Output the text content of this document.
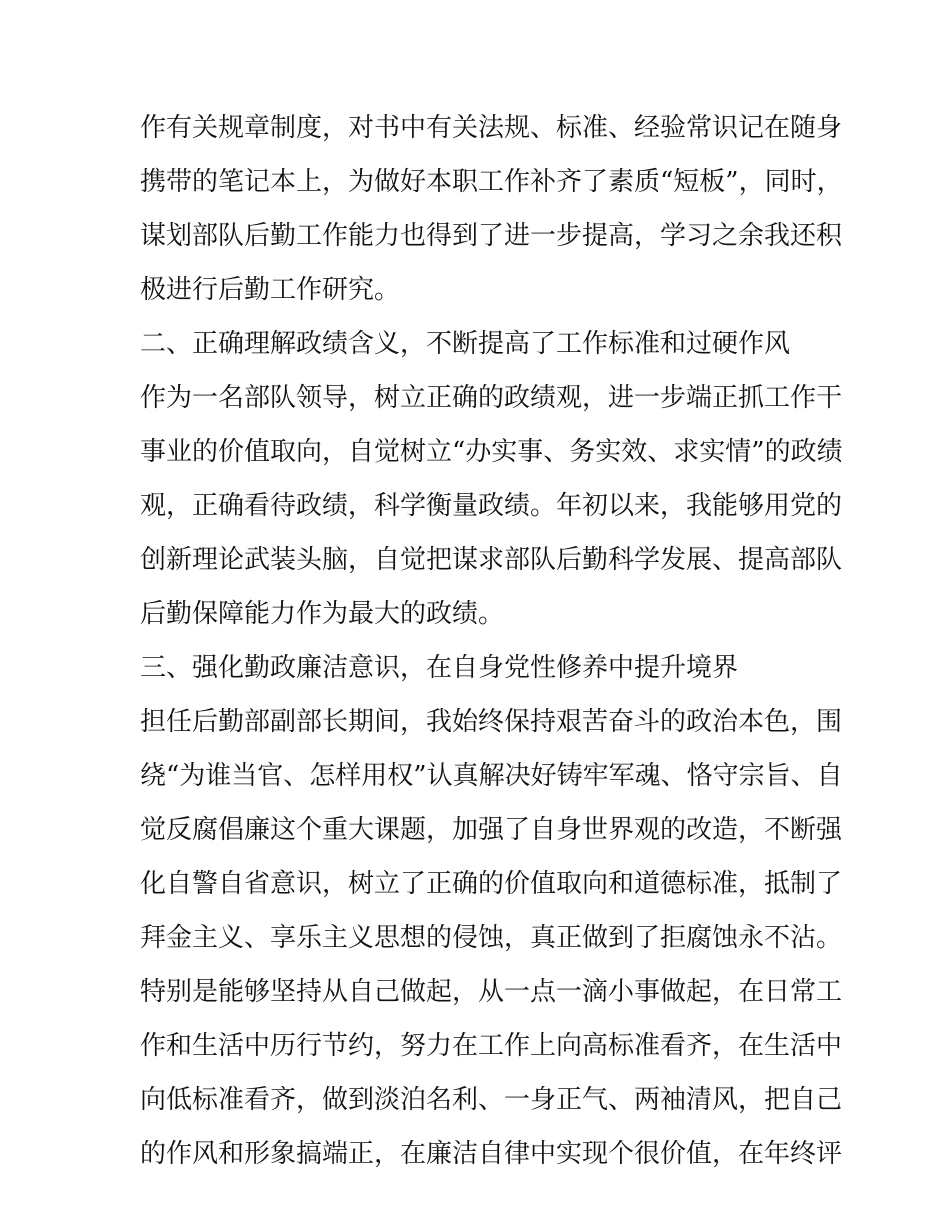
作有关规章制度，对书中有关法规、标准、经验常识记在随身
携带的笔记本上，为做好本职工作补齐了素质“短板”，同时，
谋划部队后勤工作能力也得到了进一步提高，学习之余我还积
极进行后勤工作研究。
二、正确理解政绩含义，不断提高了工作标准和过硬作风
作为一名部队领导，树立正确的政绩观，进一步端正抓工作干
事业的价值取向，自觉树立“办实事、务实效、求实情”的政绩
观，正确看待政绩，科学衡量政绩。年初以来，我能够用党的
创新理论武装头脑，自觉把谋求部队后勤科学发展、提高部队
后勤保障能力作为最大的政绩。
三、强化勤政廉洁意识，在自身党性修养中提升境界
担任后勤部副部长期间，我始终保持艰苦奋斗的政治本色，围
绕“为谁当官、怎样用权”认真解决好铸牢军魂、恪守宗旨、自
觉反腐倡廉这个重大课题，加强了自身世界观的改造，不断强
化自警自省意识，树立了正确的价值取向和道德标准，抵制了
拜金主义、享乐主义思想的侵蚀，真正做到了拒腐蚀永不沾。
特别是能够坚持从自己做起，从一点一滴小事做起，在日常工
作和生活中历行节约，努力在工作上向高标准看齐，在生活中
向低标准看齐，做到淡泊名利、一身正气、两袖清风，把自己
的作风和形象搞端正，在廉洁自律中实现个很价值，在年终评
